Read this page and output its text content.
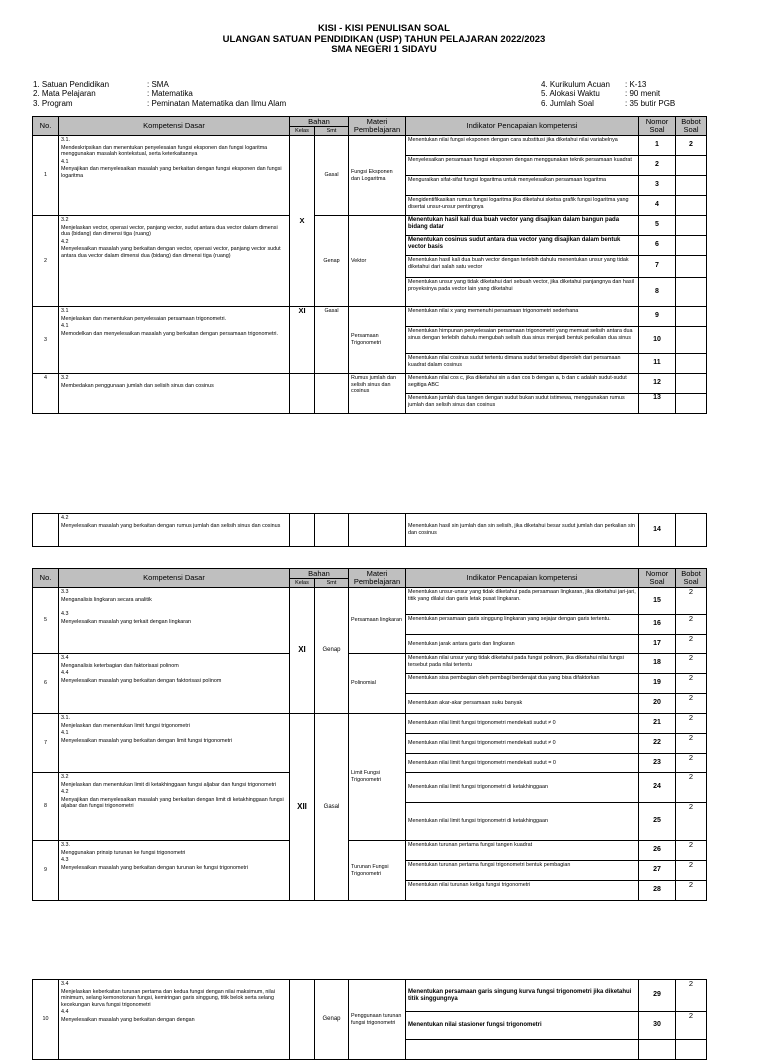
KISI - KISI PENULISAN SOAL
ULANGAN SATUAN PENDIDIKAN (USP) TAHUN PELAJARAN 2022/2023
SMA NEGERI 1 SIDAYU
1. Satuan Pendidikan	: SMA
2. Mata Pelajaran	: Matematika
3. Program	: Peminatan Matematika dan Ilmu Alam
4. Kurikulum Acuan	: K-13
5. Alokasi Waktu	: 90 menit
6. Jumlah Soal	: 35 butir PGB
No.	Kompetensi Dasar	Bahan		Materi Pembelajaran	Indikator Pencapaian kompetensi	Nomor Soal	Bobot Soal
		Kelas	Smt				
1	3.1.
Mendeskripsikan dan menentukan penyelesaian fungsi eksponen dan fungsi logaritma menggunakan masalah kontekstual, serta keterkaitannya
4.1
Menyajikan dan menyelesaikan masalah yang berkaitan dengan fungsi eksponen dan fungsi logaritma	X	Gasal	Fungsi Eksponen dan Logaritma	Menentukan nilai fungsi eksponen dengan cara substitusi jika diketahui nilai variabelnya	1	2
					Menyelesaikan persamaan fungsi eksponen dengan menggunakan teknik persamaan kuadrat	2	
					Menguraikan sifat-sifat fungsi logaritma untuk menyelesaikan persamaan logaritma	3	
					Mengidentifikasikan rumus fungsi logaritma jika diketahui sketsa grafik fungsi logaritma yang disertai unsur-unsur pentingnya	4	
2	3.2
Menjelaskan vector, operasi vector, panjang vector, sudut antara dua vector dalam dimensi dua (bidang) dan dimensi tiga (ruang)
4.2
Menyelesaikan masalah yang berkaitan dengan vector, operasi vector, panjang vector sudut antara dua vector dalam dimensi dua (bidang) dan dimensi tiga (ruang)		Genap	Vektor	Menentukan hasil kali dua buah vector yang disajikan dalam bangun pada bidang datar	5	
					Menentukan cosinus sudut antara dua vector yang disajikan dalam bentuk vector basis	6	
					Menentukan hasil kali dua buah vector dengan terlebih dahulu menentukan unsur yang tidak diketahui dari salah satu vector	7	
					Menentukan unsur yang tidak diketahui dari sebuah vector, jika diketahui panjangnya dan hasil proyeksinya pada vector lain yang diketahui	8	
3	3.1
Menjelaskan dan menentukan penyelesaian persamaan trigonometri.
4.1
Memodelkan dan menyelesaikan masalah yang berkaitan dengan persamaan trigonometri.	XI	Gasal	Persamaan Trigonometri	Menentukan nilai x yang memenuhi persamaan trigonometri sederhana	9	
					Menentukan himpunan penyelesaian persamaan trigonometri yang memuat selisih antara dua sinus dengan terlebih dahulu mengubah selisih dua sinus menjadi bentuk perkalian dua sinus	10	
					Menentukan nilai cosinus sudut tertentu dimana sudut tersebut diperoleh dari persamaan kuadrat dalam cosinus	11	
4	3.2
Membedakan penggunaan jumlah dan selisih sinus dan cosinus			Rumus jumlah dan selisih sinus dan cosinus	Menentukan nilai cos c, jika diketahui sin a dan cos b dengan a, b dan c adalah sudut-sudut segitiga ABC	12	
					Menentukan jumlah dua tangen dengan sudut bukan sudut istimewa, menggunakan rumus jumlah dan selisih sinus dan cosinus	13	

4.2
Menyelesaikan masalah yang berkaitan dengan rumus jumlah dan selisih sinus dan cosinus				Menentukan hasil sin jumlah dan sin selisih, jika diketahui besar sudut jumlah dan perkalian sin dan cosinus	14	
No.	Kompetensi Dasar	Bahan		Materi Pembelajaran	Indikator Pencapaian kompetensi	Nomor Soal	Bobot Soal
		Kelas	Smt				
5	3.3
Menganalisis lingkaran secara analitik
4.3
Menyelesaikan masalah yang terkait dengan lingkaran	XI	Genap	Persamaan lingkaran	Menentukan unsur-unsur yang tidak diketahui pada persamaan lingkaran, jika diketahui jari-jari, titik yang dilalui dan garis letak pusat lingkaran.	15	2
					Menentukan persamaan garis singgung lingkaran yang sejajar dengan garis tertentu.	16	2
					Menentukan jarak antara garis dan lingkaran	17	2
6	3.4
Menganalisis keterbagian dan faktorisasi polinom
4.4
Menyelesaikan masalah yang berkaitan dengan faktorisasi polinom			Polinomial	Menentukan nilai unsur yang tidak diketahui pada fungsi polinom, jika diketahui nilai fungsi tersebut pada nilai tertentu	18	2
					Menentukan sisa pembagian oleh pembagi berderajat dua yang bisa difaktorkan	19	2
					Menentukan akar-akar persamaan suku banyak	20	2
7	3.1.
Menjelaskan dan menentukan limit fungsi trigonometri
4.1
Menyelesaikan masalah yang berkaitan dengan limit fungsi trigonometri	XII	Gasal	Limit Fungsi Trigonometri	Menentukan nilai limit fungsi trigonometri mendekati sudut ≠ 0	21	2
					Menentukan nilai limit fungsi trigonometri mendekati sudut ≠ 0	22	2
					Menentukan nilai limit fungsi trigonometri mendekati sudut = 0	23	2
8	3.2
Menjelaskan dan menentukan limit di ketakhinggaan fungsi aljabar dan fungsi trigonometri
4.2
Menyajikan dan menyelesaikan masalah yang berkaitan dengan limit di ketakhinggaan fungsi aljabar dan fungsi trigonometri				Menentukan nilai limit fungsi trigonometri di ketakhinggaan	24	2
					Menentukan nilai limit fungsi trigonometri di ketakhinggaan	25	2
9	3.3.
Menggunakan prinsip turunan ke fungsi trigonometri
4.3
Menyelesaikan masalah yang berkaitan dengan turunan ke fungsi trigonometri			Turunan Fungsi Trigonometri	Menentukan turunan pertama fungsi tangen kuadrat	26	2
					Menentukan turunan pertama fungsi trigonometri bentuk pembagian	27	2
					Menentukan nilai turunan ketiga fungsi trigonometri	28	2
10	3.4
Menjelaskan keberkaitan turunan pertama dan kedua fungsi dengan nilai maksimum, nilai minimum, selang kemonotonan fungsi, kemiringan garis singgung, titik belok serta selang kecekungan kurva fungsi trigonometri
4.4
Menyelesaikan masalah yang berkaitan dengan dengan		Genap	Penggunaan turunan fungsi trigonometri	Menentukan persamaan garis singung kurva fungsi trigonometri jika diketahui titik singgungnya	29	2
					Menentukan nilai stasioner fungsi trigonometri	30	2
